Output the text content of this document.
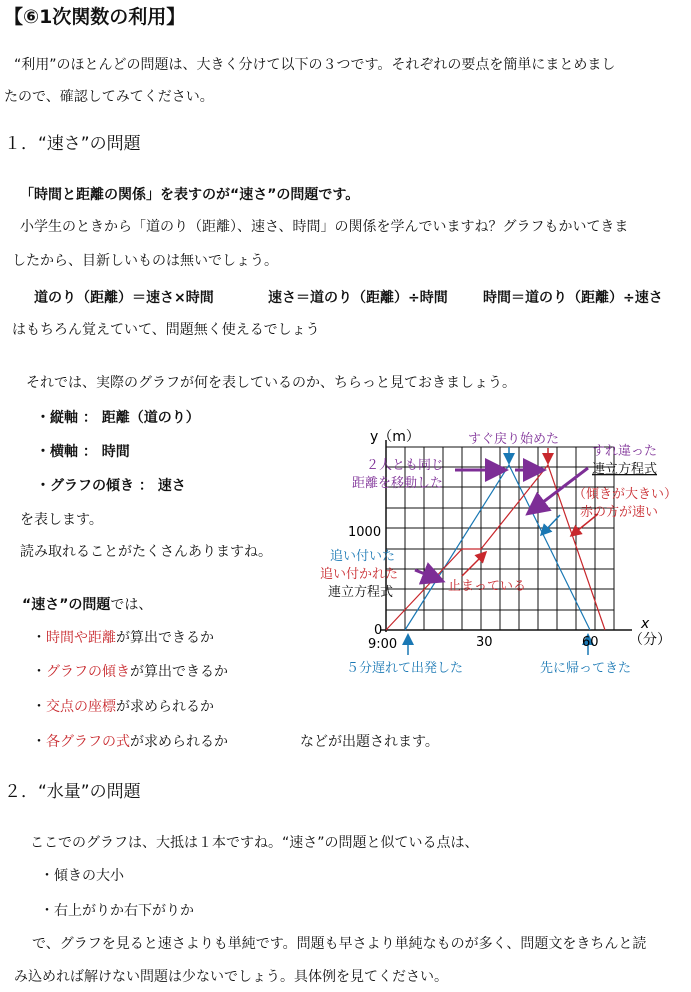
【⑥1次関数の利用】
“利用”のほとんどの問題は、大きく分けて以下の３つです。それぞれの要点を簡単にまとめまし
たので、確認してみてください。
１．“速さ”の問題
「時間と距離の関係」を表すのが“速さ”の問題です。
小学生のときから「道のり（距離）、速さ、時間」の関係を学んでいますね？グラフもかいてきま
したから、目新しいものは無いでしょう。
道のり（距離）＝速さ×時間	速さ＝道のり（距離）÷時間	時間＝道のり（距離）÷速さ
はもちろん覚えていて、問題無く使えるでしょう
それでは、実際のグラフが何を表しているのか、ちらっと見ておきましょう。
・縦軸 ： 距離（道のり）
・横軸 ： 時間
・グラフの傾き ： 速さ
を表します。
読み取れることがたくさんありますね。
“速さ”の問題では、
・時間や距離が算出できるか
・グラフの傾きが算出できるか
・交点の座標が求められるか
・各グラフの式が求められるか	などが出題されます。
y（m）
x
（分）
1000
0
9:00	30	60
すぐ戻り始めた
すれ違った
連立方程式
２人とも同じ
距離を移動した
（傾きが大きい）
赤の方が速い
追い付いた
追い付かれた
連立方程式	止まっている
５分遅れて出発した	先に帰ってきた
２．“水量”の問題
ここでのグラフは、大抵は１本ですね。“速さ”の問題と似ている点は、
・傾きの大小
・右上がりか右下がりか
で、グラフを見ると速さよりも単純です。問題も早さより単純なものが多く、問題文をきちんと読
み込めれば解けない問題は少ないでしょう。具体例を見てください。
